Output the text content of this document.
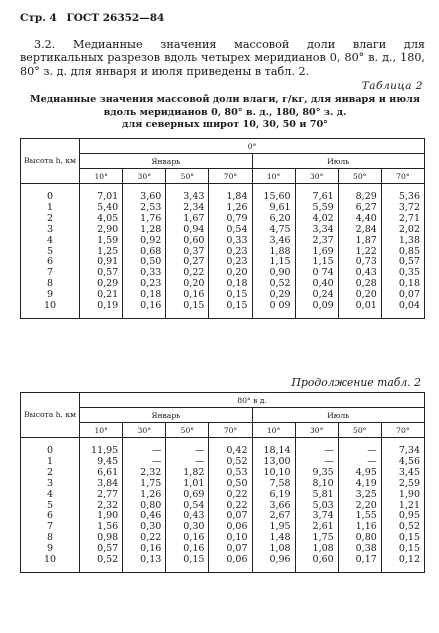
Стр. 4 ГОСТ 26352—84
3.2. Медианные значения массовой доли влаги для вертикальных разрезов вдоль четырех меридианов 0, 80° в. д., 180, 80° з. д. для января и июля приведены в табл. 2.
Таблица 2
Медианные значения массовой доли влаги, г/кг, для января и июля
вдоль меридианов 0, 80° в. д., 180, 80° з. д.
для северных широт 10, 30, 50 и 70°
Высота h, км	0°							
	Январь				Июль			
	10°	30°	50°	70°	10°	30°	50°	70°

0	7,01	3,60	3,43	1,84	15,60	7,61	8,29	5,36
1	5,40	2,53	2,34	1,26	9,61	5,59	6,27	3,72
2	4,05	1,76	1,67	0,79	6,20	4,02	4,40	2,71
3	2,90	1,28	0,94	0,54	4,75	3,34	2,84	2,02
4	1,59	0,92	0,60	0,33	3,46	2,37	1,87	1,38
5	1,25	0,68	0,37	0,23	1,88	1,69	1,22	0,85
6	0,91	0,50	0,27	0,23	1,15	1,15	0,73	0,57
7	0,57	0,33	0,22	0,20	0,90	0 74	0,43	0,35
8	0,29	0,23	0,20	0,18	0,52	0,40	0,28	0,18
9	0,21	0,18	0,16	0,15	0,29	0,24	0,20	0,07
10	0,19	0,16	0,15	0,15	0 09	0,09	0,01	0,04

Продолжение табл. 2
Высота h, км	80° в д.							
	Январь				Июль			
	10°	30°	50°	70°	10°	30°	50°	70°

0	11,95	—	—	0,42	18,14	—	—	7,34
1	9,45	—	—	0,52	13,00	—	—	4,56
2	6,61	2,32	1,82	0,53	10,10	9,35	4,95	3,45
3	3,84	1,75	1,01	0,50	7,58	8,10	4,19	2,59
4	2,77	1,26	0,69	0,22	6,19	5,81	3,25	1,90
5	2,32	0,80	0,54	0,22	3,66	5,03	2,20	1,21
6	1,90	0,46	0,43	0,07	2,67	3,74	1,55	0,95
7	1,56	0,30	0,30	0,06	1,95	2,61	1,16	0,52
8	0,98	0,22	0,16	0,10	1,48	1,75	0,80	0,15
9	0,57	0,16	0,16	0,07	1,08	1,08	0,38	0,15
10	0,52	0,13	0,15	0,06	0,96	0,60	0,17	0,12
